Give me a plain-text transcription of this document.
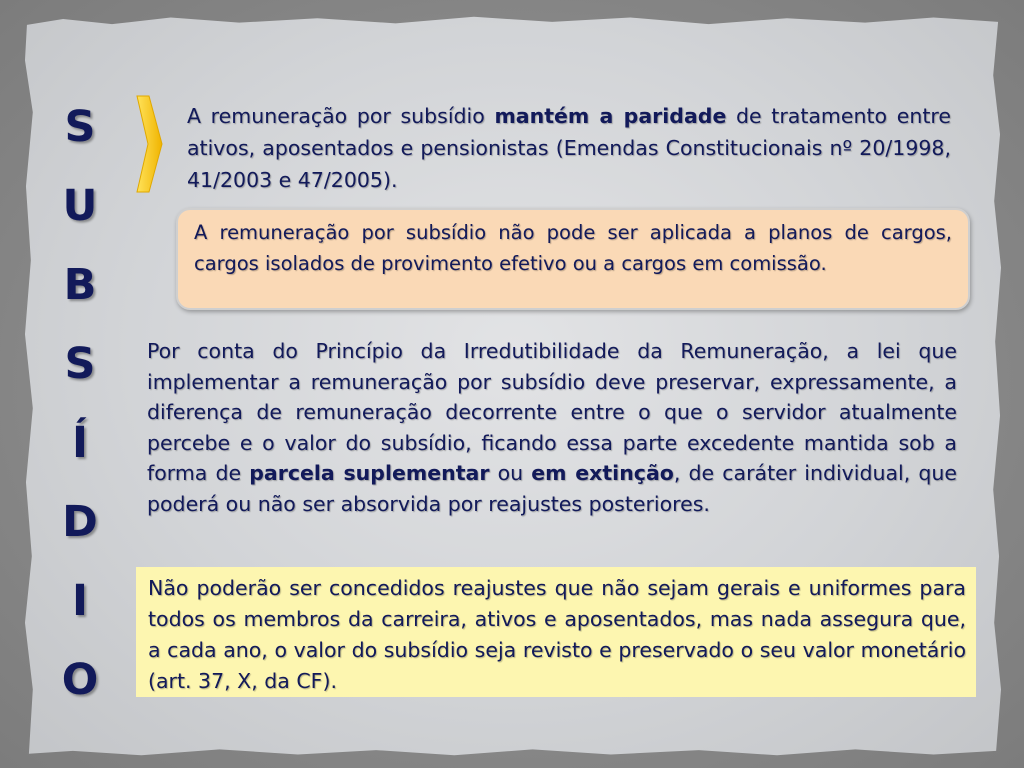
S
U
B
S
Í
D
I
O
A remuneração por subsídio mantém a paridade de tratamento entre ativos, aposentados e pensionistas (Emendas Constitucionais nº 20/1998, 41/2003 e 47/2005).
A remuneração por subsídio não pode ser aplicada a planos de cargos, cargos isolados de provimento efetivo ou a cargos em comissão.
Por conta do Princípio da Irredutibilidade da Remuneração, a lei que implementar a remuneração por subsídio deve preservar, expressamente, a diferença de remuneração decorrente entre o que o servidor atualmente percebe e o valor do subsídio, ficando essa parte excedente mantida sob a forma de parcela suplementar ou em extinção, de caráter individual, que poderá ou não ser absorvida por reajustes posteriores.
Não poderão ser concedidos reajustes que não sejam gerais e uniformes para todos os membros da carreira, ativos e aposentados, mas nada assegura que, a cada ano, o valor do subsídio seja revisto e preservado o seu valor monetário (art. 37, X, da CF).
